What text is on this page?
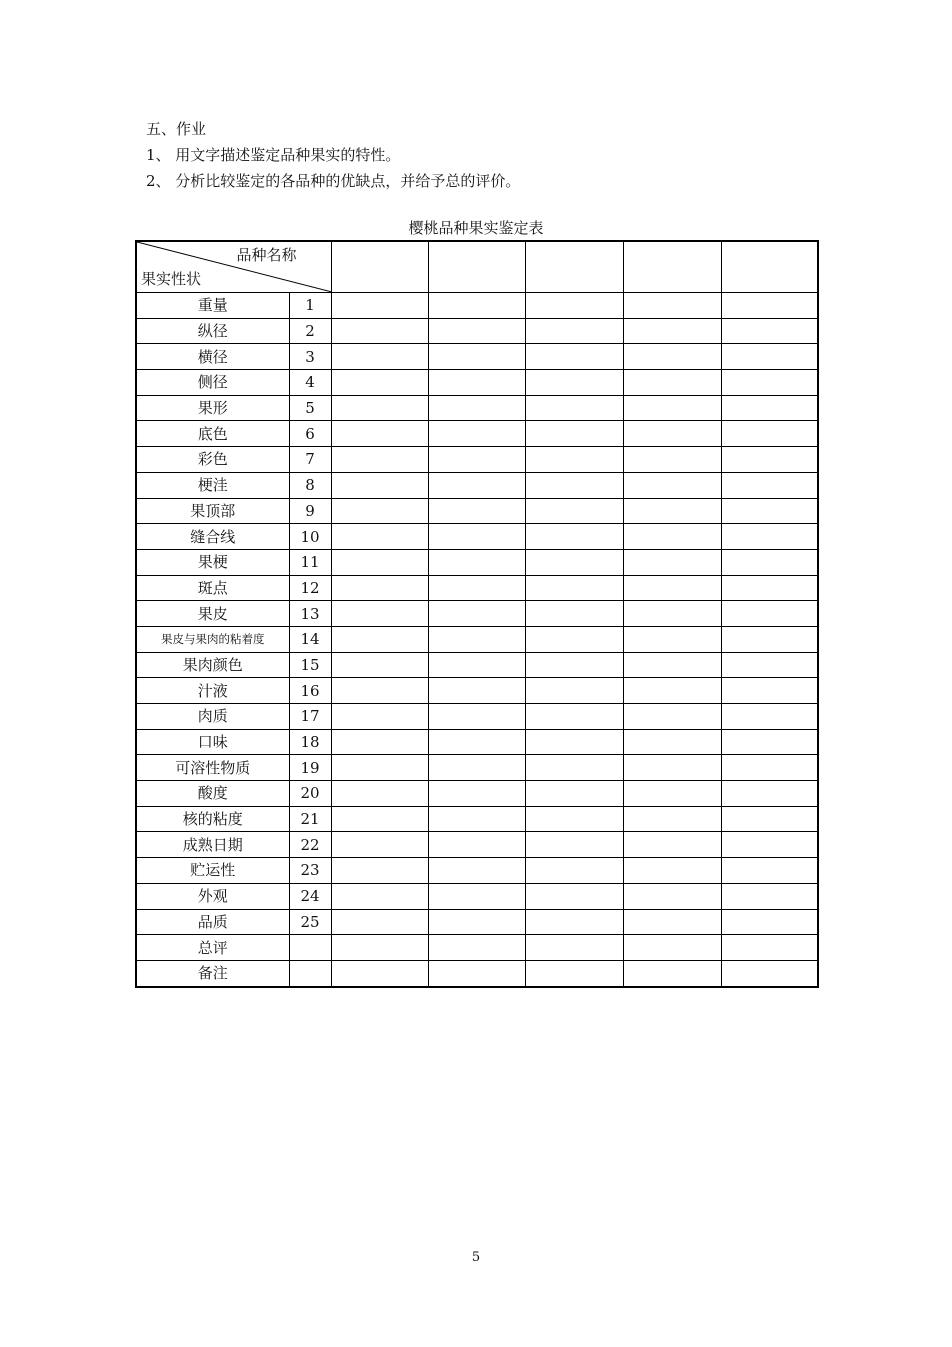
五、作业

1、 用文字描述鉴定品种果实的特性。

2、 分析比较鉴定的各品种的优缺点，并给予总的评价。

樱桃品种果实鉴定表
品种名称
果实性状						

重量	1					
纵径	2					
横径	3					
侧径	4					
果形	5					
底色	6					
彩色	7					
梗洼	8					
果顶部	9					
缝合线	10					
果梗	11					
斑点	12					
果皮	13					
果皮与果肉的粘着度	14					
果肉颜色	15					
汁液	16					
肉质	17					
口味	18					
可溶性物质	19					
酸度	20					
核的粘度	21					
成熟日期	22					
贮运性	23					
外观	24					
品质	25					
总评						
备注						
5
